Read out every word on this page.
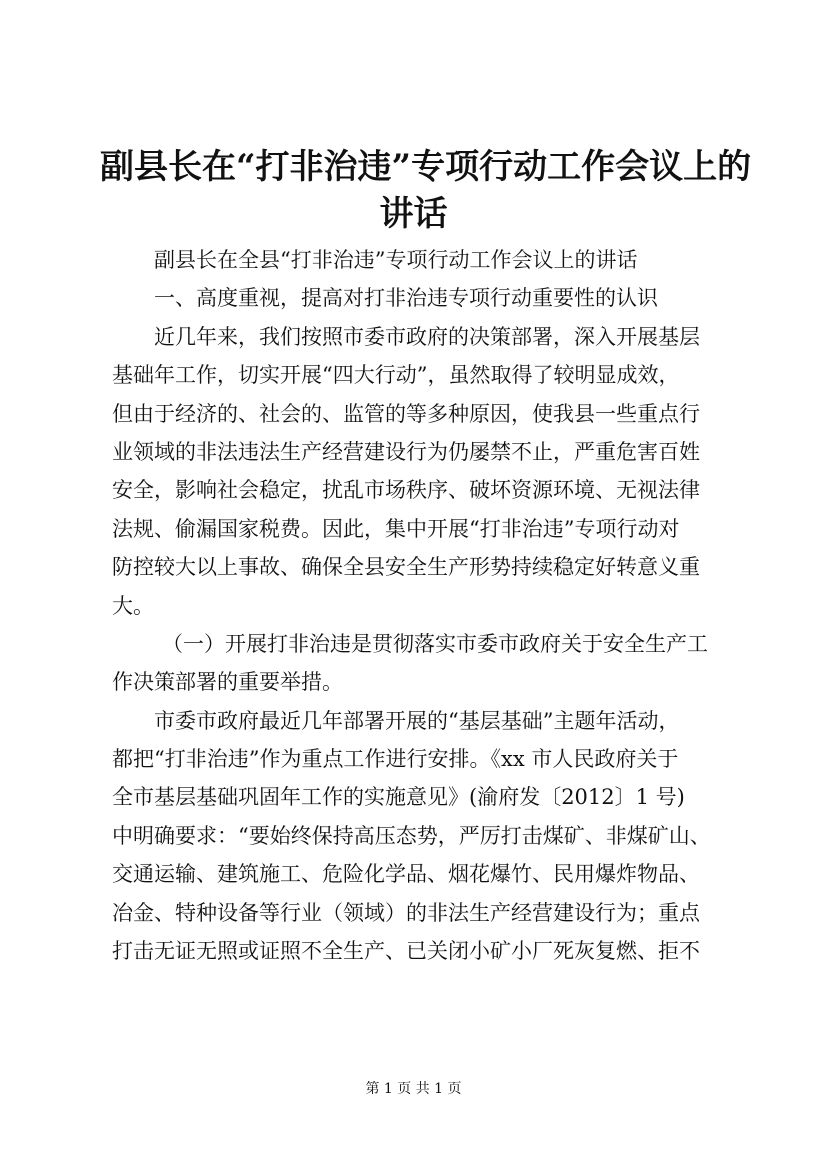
副县长在“打非治违”专项行动工作会议上的
讲话
副县长在全县“打非治违”专项行动工作会议上的讲话
一、高度重视，提高对打非治违专项行动重要性的认识
近几年来，我们按照市委市政府的决策部署，深入开展基层
基础年工作，切实开展“四大行动”，虽然取得了较明显成效，
但由于经济的、社会的、监管的等多种原因，使我县一些重点行
业领域的非法违法生产经营建设行为仍屡禁不止，严重危害百姓
安全，影响社会稳定，扰乱市场秩序、破坏资源环境、无视法律
法规、偷漏国家税费。因此，集中开展“打非治违”专项行动对
防控较大以上事故、确保全县安全生产形势持续稳定好转意义重
大。
（一）开展打非治违是贯彻落实市委市政府关于安全生产工
作决策部署的重要举措。
市委市政府最近几年部署开展的“基层基础”主题年活动，
都把“打非治违”作为重点工作进行安排。《xx 市人民政府关于
全市基层基础巩固年工作的实施意见》(渝府发〔2012〕1 号)
中明确要求：“要始终保持高压态势，严厉打击煤矿、非煤矿山、
交通运输、建筑施工、危险化学品、烟花爆竹、民用爆炸物品、
冶金、特种设备等行业（领域）的非法生产经营建设行为；重点
打击无证无照或证照不全生产、已关闭小矿小厂死灰复燃、拒不
第 1 页 共 1 页
